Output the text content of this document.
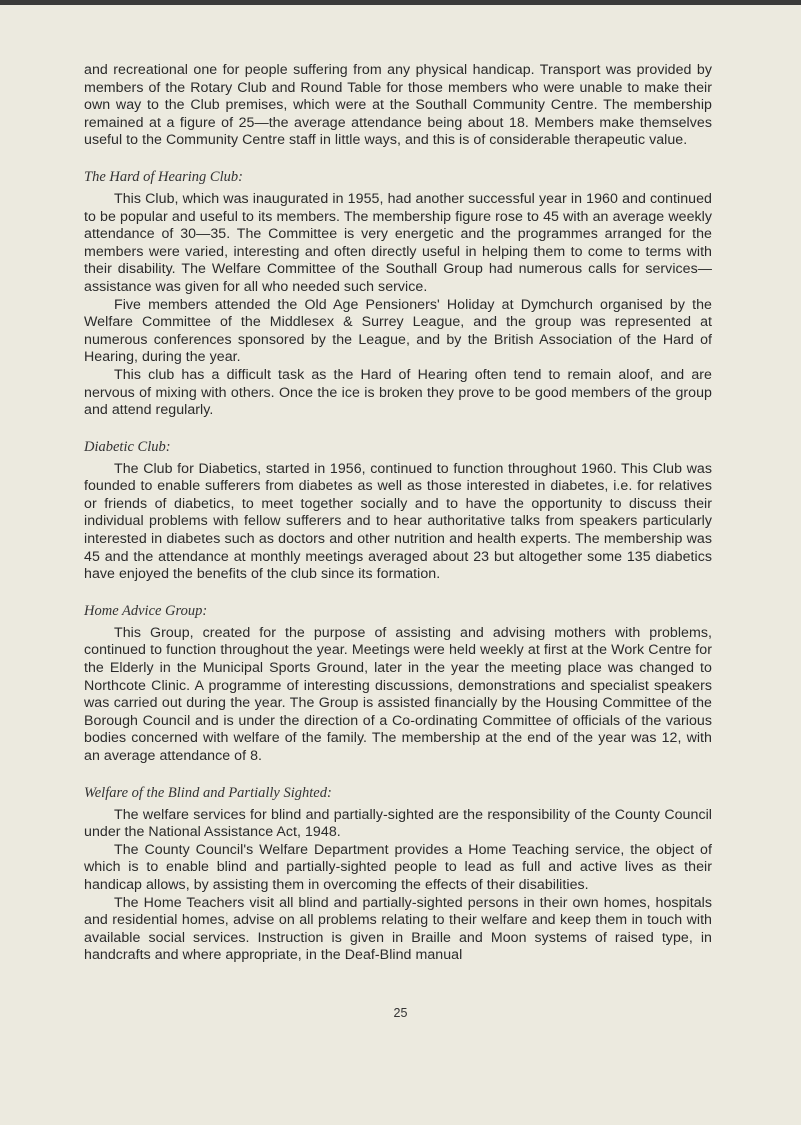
and recreational one for people suffering from any physical handicap. Transport was provided by members of the Rotary Club and Round Table for those members who were unable to make their own way to the Club premises, which were at the Southall Community Centre. The membership remained at a figure of 25—the average attendance being about 18. Members make themselves useful to the Community Centre staff in little ways, and this is of considerable therapeutic value.

The Hard of Hearing Club:

This Club, which was inaugurated in 1955, had another successful year in 1960 and continued to be popular and useful to its members. The membership figure rose to 45 with an average weekly attendance of 30—35. The Committee is very energetic and the programmes arranged for the members were varied, interesting and often directly useful in helping them to come to terms with their disability. The Welfare Committee of the Southall Group had numerous calls for services—assistance was given for all who needed such service.

Five members attended the Old Age Pensioners' Holiday at Dymchurch organised by the Welfare Committee of the Middlesex & Surrey League, and the group was represented at numerous conferences sponsored by the League, and by the British Association of the Hard of Hearing, during the year.

This club has a difficult task as the Hard of Hearing often tend to remain aloof, and are nervous of mixing with others. Once the ice is broken they prove to be good members of the group and attend regularly.

Diabetic Club:

The Club for Diabetics, started in 1956, continued to function throughout 1960. This Club was founded to enable sufferers from diabetes as well as those interested in diabetes, i.e. for relatives or friends of diabetics, to meet together socially and to have the opportunity to discuss their individual problems with fellow sufferers and to hear authoritative talks from speakers particularly interested in diabetes such as doctors and other nutrition and health experts. The membership was 45 and the attendance at monthly meetings averaged about 23 but altogether some 135 diabetics have enjoyed the benefits of the club since its formation.

Home Advice Group:

This Group, created for the purpose of assisting and advising mothers with problems, continued to function throughout the year. Meetings were held weekly at first at the Work Centre for the Elderly in the Municipal Sports Ground, later in the year the meeting place was changed to Northcote Clinic. A programme of interesting discussions, demonstrations and specialist speakers was carried out during the year. The Group is assisted financially by the Housing Committee of the Borough Council and is under the direction of a Co-ordinating Committee of officials of the various bodies concerned with welfare of the family. The membership at the end of the year was 12, with an average attendance of 8.

Welfare of the Blind and Partially Sighted:

The welfare services for blind and partially-sighted are the responsibility of the County Council under the National Assistance Act, 1948.

The County Council's Welfare Department provides a Home Teaching service, the object of which is to enable blind and partially-sighted people to lead as full and active lives as their handicap allows, by assisting them in overcoming the effects of their disabilities.

The Home Teachers visit all blind and partially-sighted persons in their own homes, hospitals and residential homes, advise on all problems relating to their welfare and keep them in touch with available social services. Instruction is given in Braille and Moon systems of raised type, in handcrafts and where appropriate, in the Deaf-Blind manual

25
